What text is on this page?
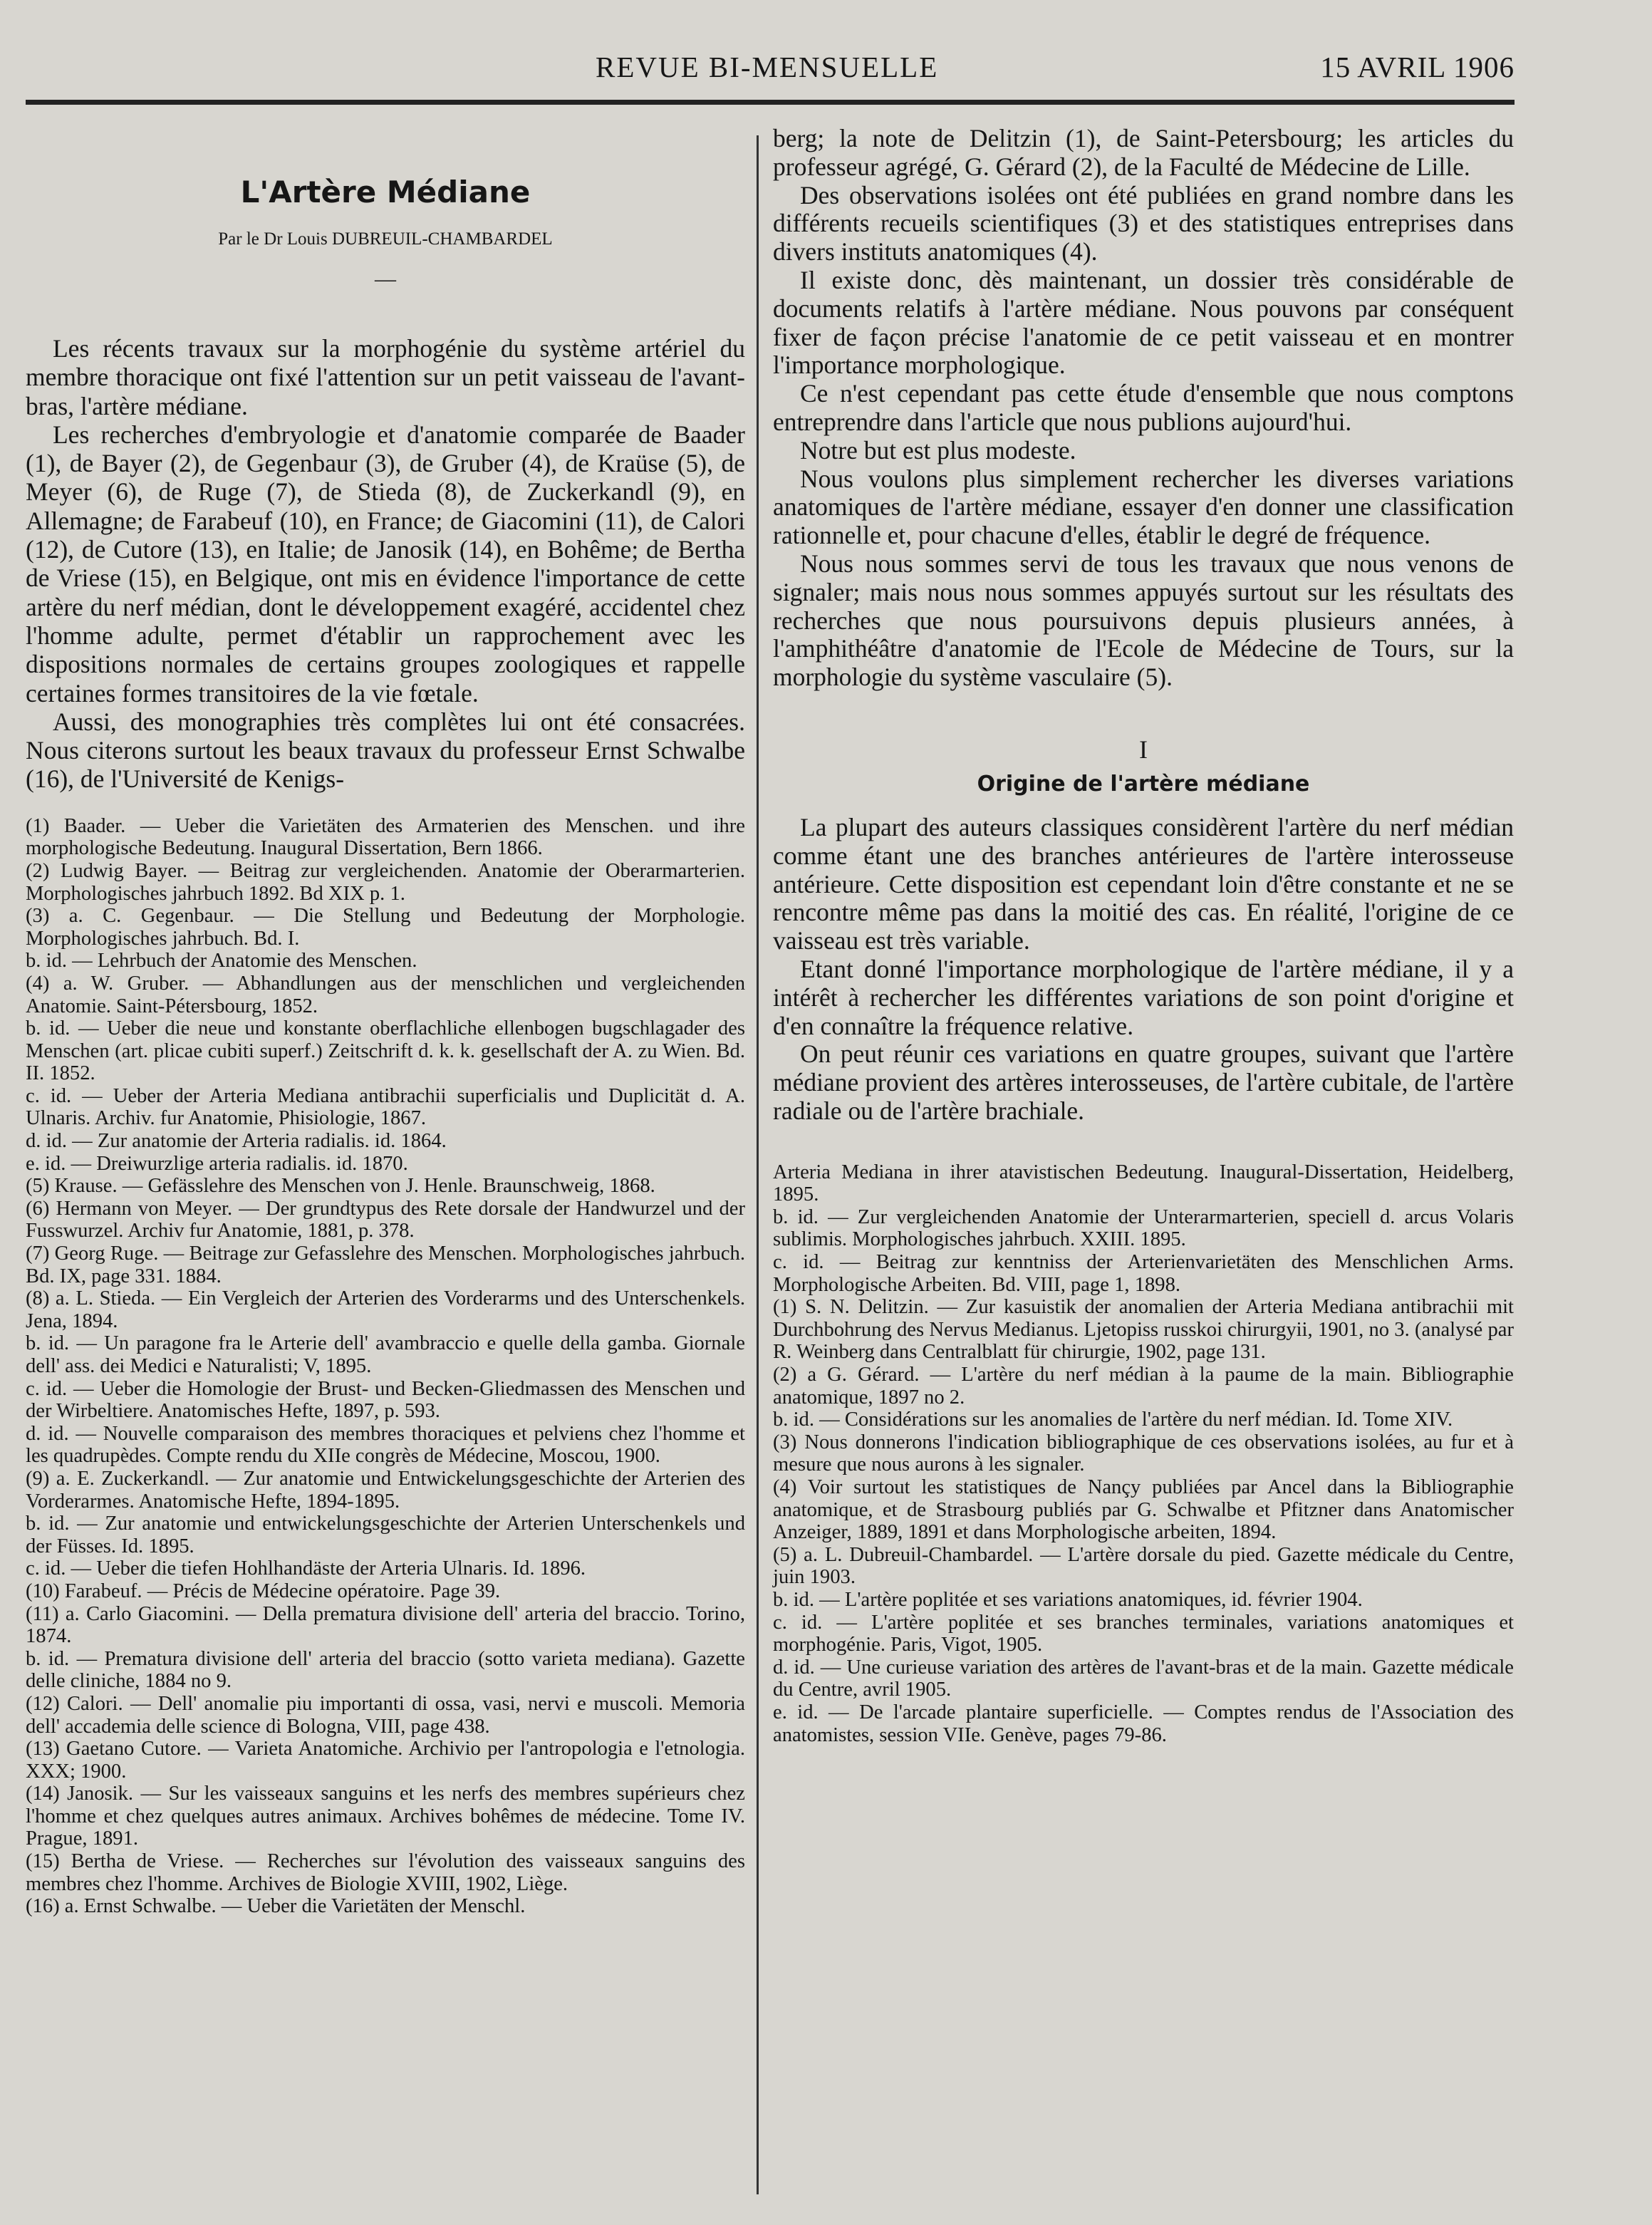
REVUE BI-MENSUELLE	15 AVRIL 1906
L'Artère Médiane
Par le Dr Louis DUBREUIL-CHAMBARDEL
—

Les récents travaux sur la morphogénie du système artériel du membre thoracique ont fixé l'attention sur un petit vaisseau de l'avant-bras, l'artère médiane.

Les recherches d'embryologie et d'anatomie comparée de Baader (1), de Bayer (2), de Gegenbaur (3), de Gruber (4), de Kraüse (5), de Meyer (6), de Ruge (7), de Stieda (8), de Zuckerkandl (9), en Allemagne; de Farabeuf (10), en France; de Giacomini (11), de Calori (12), de Cutore (13), en Italie; de Janosik (14), en Bohême; de Bertha de Vriese (15), en Belgique, ont mis en évidence l'importance de cette artère du nerf médian, dont le développement exagéré, accidentel chez l'homme adulte, permet d'établir un rapprochement avec les dispositions normales de certains groupes zoologiques et rappelle certaines formes transitoires de la vie fœtale.

Aussi, des monographies très complètes lui ont été consacrées. Nous citerons surtout les beaux travaux du professeur Ernst Schwalbe (16), de l'Université de Kenigs-

(1) Baader. — Ueber die Varietäten des Armaterien des Menschen. und ihre morphologische Bedeutung. Inaugural Dissertation, Bern 1866.

(2) Ludwig Bayer. — Beitrag zur vergleichenden. Anatomie der Oberarmarterien. Morphologisches jahrbuch 1892. Bd XIX p. 1.

(3) a. C. Gegenbaur. — Die Stellung und Bedeutung der Morphologie. Morphologisches jahrbuch. Bd. I.

b. id. — Lehrbuch der Anatomie des Menschen.

(4) a. W. Gruber. — Abhandlungen aus der menschlichen und vergleichenden Anatomie. Saint-Pétersbourg, 1852.

b. id. — Ueber die neue und konstante oberflachliche ellenbogen bugschlagader des Menschen (art. plicae cubiti superf.) Zeitschrift d. k. k. gesellschaft der A. zu Wien. Bd. II. 1852.

c. id. — Ueber der Arteria Mediana antibrachii superficialis und Duplicität d. A. Ulnaris. Archiv. fur Anatomie, Phisiologie, 1867.

d. id. — Zur anatomie der Arteria radialis. id. 1864.

e. id. — Dreiwurzlige arteria radialis. id. 1870.

(5) Krause. — Gefässlehre des Menschen von J. Henle. Braunschweig, 1868.

(6) Hermann von Meyer. — Der grundtypus des Rete dorsale der Handwurzel und der Fusswurzel. Archiv fur Anatomie, 1881, p. 378.

(7) Georg Ruge. — Beitrage zur Gefasslehre des Menschen. Morphologisches jahrbuch. Bd. IX, page 331. 1884.

(8) a. L. Stieda. — Ein Vergleich der Arterien des Vorderarms und des Unterschenkels. Jena, 1894.

b. id. — Un paragone fra le Arterie dell' avambraccio e quelle della gamba. Giornale dell' ass. dei Medici e Naturalisti; V, 1895.

c. id. — Ueber die Homologie der Brust- und Becken-Gliedmassen des Menschen und der Wirbeltiere. Anatomisches Hefte, 1897, p. 593.

d. id. — Nouvelle comparaison des membres thoraciques et pelviens chez l'homme et les quadrupèdes. Compte rendu du XIIe congrès de Médecine, Moscou, 1900.

(9) a. E. Zuckerkandl. — Zur anatomie und Entwickelungsgeschichte der Arterien des Vorderarmes. Anatomische Hefte, 1894-1895.

b. id. — Zur anatomie und entwickelungsgeschichte der Arterien Unterschenkels und der Füsses. Id. 1895.

c. id. — Ueber die tiefen Hohlhandäste der Arteria Ulnaris. Id. 1896.

(10) Farabeuf. — Précis de Médecine opératoire. Page 39.

(11) a. Carlo Giacomini. — Della prematura divisione dell' arteria del braccio. Torino, 1874.

b. id. — Prematura divisione dell' arteria del braccio (sotto varieta mediana). Gazette delle cliniche, 1884 no 9.

(12) Calori. — Dell' anomalie piu importanti di ossa, vasi, nervi e muscoli. Memoria dell' accademia delle science di Bologna, VIII, page 438.

(13) Gaetano Cutore. — Varieta Anatomiche. Archivio per l'antropologia e l'etnologia. XXX; 1900.

(14) Janosik. — Sur les vaisseaux sanguins et les nerfs des membres supérieurs chez l'homme et chez quelques autres animaux. Archives bohêmes de médecine. Tome IV. Prague, 1891.

(15) Bertha de Vriese. — Recherches sur l'évolution des vaisseaux sanguins des membres chez l'homme. Archives de Biologie XVIII, 1902, Liège.

(16) a. Ernst Schwalbe. — Ueber die Varietäten der Menschl.

berg; la note de Delitzin (1), de Saint-Petersbourg; les articles du professeur agrégé, G. Gérard (2), de la Faculté de Médecine de Lille.

Des observations isolées ont été publiées en grand nombre dans les différents recueils scientifiques (3) et des statistiques entreprises dans divers instituts anatomiques (4).

Il existe donc, dès maintenant, un dossier très considérable de documents relatifs à l'artère médiane. Nous pouvons par conséquent fixer de façon précise l'anatomie de ce petit vaisseau et en montrer l'importance morphologique.

Ce n'est cependant pas cette étude d'ensemble que nous comptons entreprendre dans l'article que nous publions aujourd'hui.

Notre but est plus modeste.

Nous voulons plus simplement rechercher les diverses variations anatomiques de l'artère médiane, essayer d'en donner une classification rationnelle et, pour chacune d'elles, établir le degré de fréquence.

Nous nous sommes servi de tous les travaux que nous venons de signaler; mais nous nous sommes appuyés surtout sur les résultats des recherches que nous poursuivons depuis plusieurs années, à l'amphithéâtre d'anatomie de l'Ecole de Médecine de Tours, sur la morphologie du système vasculaire (5).

I
Origine de l'artère médiane

La plupart des auteurs classiques considèrent l'artère du nerf médian comme étant une des branches antérieures de l'artère interosseuse antérieure. Cette disposition est cependant loin d'être constante et ne se rencontre même pas dans la moitié des cas. En réalité, l'origine de ce vaisseau est très variable.

Etant donné l'importance morphologique de l'artère médiane, il y a intérêt à rechercher les différentes variations de son point d'origine et d'en connaître la fréquence relative.

On peut réunir ces variations en quatre groupes, suivant que l'artère médiane provient des artères interosseuses, de l'artère cubitale, de l'artère radiale ou de l'artère brachiale.

Arteria Mediana in ihrer atavistischen Bedeutung. Inaugural-Dissertation, Heidelberg, 1895.

b. id. — Zur vergleichenden Anatomie der Unterarmarterien, speciell d. arcus Volaris sublimis. Morphologisches jahrbuch. XXIII. 1895.

c. id. — Beitrag zur kenntniss der Arterienvarietäten des Menschlichen Arms. Morphologische Arbeiten. Bd. VIII, page 1, 1898.

(1) S. N. Delitzin. — Zur kasuistik der anomalien der Arteria Mediana antibrachii mit Durchbohrung des Nervus Medianus. Ljetopiss russkoi chirurgyii, 1901, no 3. (analysé par R. Weinberg dans Centralblatt für chirurgie, 1902, page 131.

(2) a G. Gérard. — L'artère du nerf médian à la paume de la main. Bibliographie anatomique, 1897 no 2.

b. id. — Considérations sur les anomalies de l'artère du nerf médian. Id. Tome XIV.

(3) Nous donnerons l'indication bibliographique de ces observations isolées, au fur et à mesure que nous aurons à les signaler.

(4) Voir surtout les statistiques de Nançy publiées par Ancel dans la Bibliographie anatomique, et de Strasbourg publiés par G. Schwalbe et Pfitzner dans Anatomischer Anzeiger, 1889, 1891 et dans Morphologische arbeiten, 1894.

(5) a. L. Dubreuil-Chambardel. — L'artère dorsale du pied. Gazette médicale du Centre, juin 1903.

b. id. — L'artère poplitée et ses variations anatomiques, id. février 1904.

c. id. — L'artère poplitée et ses branches terminales, variations anatomiques et morphogénie. Paris, Vigot, 1905.

d. id. — Une curieuse variation des artères de l'avant-bras et de la main. Gazette médicale du Centre, avril 1905.

e. id. — De l'arcade plantaire superficielle. — Comptes rendus de l'Association des anatomistes, session VIIe. Genève, pages 79-86.
